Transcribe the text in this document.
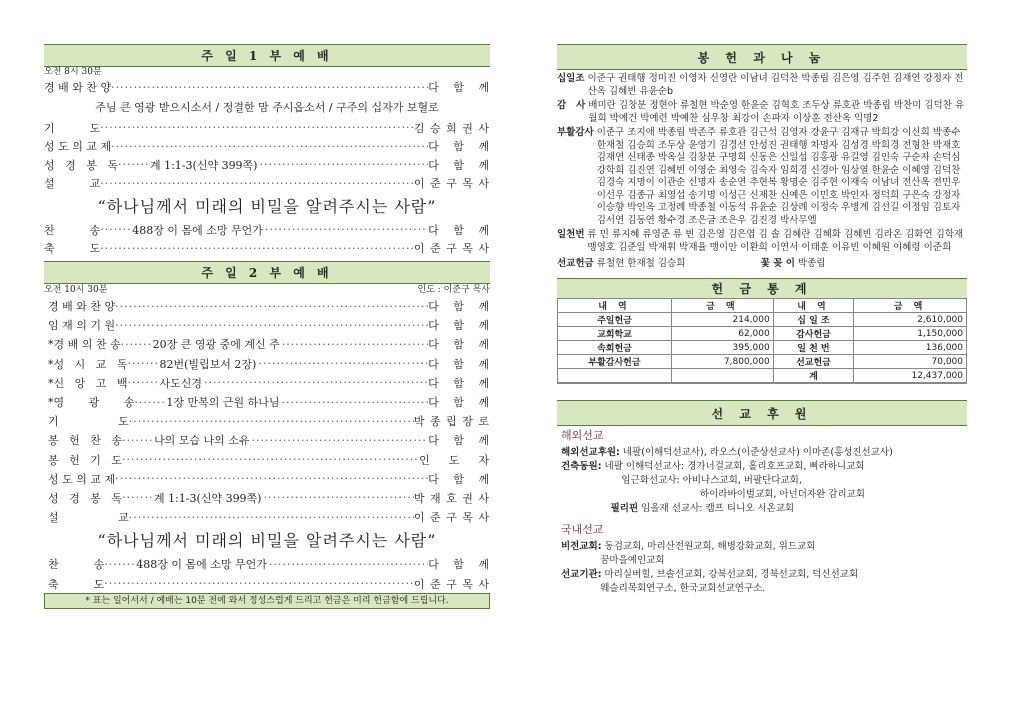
주 일 1 부 예 배
오전 8시 30분
경 배 와 찬 양 ·····	다   함   께
주님 큰 영광 받으시소서 / 정결한 맘 주시옵소서 / 구주의 십자가 보혈로
기          도 ·····	김 승 희 권 사
성 도 의 교 제 ·····	다   함   께
성   경   봉   독 ·····	계 1:1-3(신약 399쪽) ·····	다   함   께
설          교 ·····	이 준 구 목 사
“하나님께서 미래의 비밀을 알려주시는 사람”
찬          송 ·····	488장 이 몸에 소망 무언가 ·····	다   함   께
축          도 ·····	이 준 구 목 사
주 일 2 부 예 배
오전 10시 30분	인도 : 이준구 목사
경 배 와 찬 양 ·····	다   함   께
임 재 의 기 원 ·····	다   함   께
*경 배 의 찬 송 ·····	20장 큰 영광 중에 계신 주 ·····	다   함   께
*성   시   교   독 ·····	82번(빌립보서 2장) ·····	다   함   께
*신   앙   고   백 ·····	사도신경 ·····	다   함   께
*영       광       송 ·····	1장 만복의 근원 하나님 ·····	다   함   께
기                 도 ·····	박 종 립 장 로
봉   헌   찬   송 ·····	나의 모습 나의 소유 ·····	다   함   께
봉   헌   기   도 ·····	인    도    자
성 도 의 교 제 ·····	다   함   께
성   경   봉   독 ·····	계 1:1-3(신약 399쪽) ·····	박 재 호 권 사
설                 교 ·····	이 준 구 목 사
“하나님께서 미래의 비밀을 알려주시는 사람”
찬          송 ·····	488장 이 몸에 소망 무언가 ·····	다   함   께
축          도 ·····	이 준 구 목 사
* 표는 일어서서 / 예배는 10분 전에 와서 정성스럽게 드리고 헌금은 미리 헌금함에 드립니다.
봉 헌 과 나 눔
십일조 이준구 권태행 정미진 이영자 신영란 이남녀 김덕찬 박종립 김은영 김주현 김재연 강정자 전산옥 김혜빈 유윤순b
감   사 배미란 김창분 정현아 류철현 박순영 한윤순 김혁호 조두상 류호관 박종립 박찬미 김덕찬 유월희 박예건 박예련 박예찬 심우창 최강이 손파자 이상훈 전산옥 익명2
부활감사 이준구 조지애 박종립 박존주 류호관 김근석 김영자 강윤구 김재규 박희강 이신희 박종수 한재철 김승희 조두상 윤영기 김경선 안성진 권태행 차명자 김성경 박희경 전형찬 박재호 김재연 신태종 박옥실 김창분 구명희 신동은 신일섭 김홍광 유길영 김인숙 구순자 손덕심 강학희 김진연 김혜빈 이영순 최영숙 김숙자 임희경 신경아 임상열 한윤순 이혜영 김덕찬 김경숙 지명이 이관순 신명자 송순연 추현복 황명순 김주현 이재숙 이남녀 전산옥 전민우 이선우 김종규 최영섭 송기명 이성근 신재찬 신예은 이민호 박인자 정덕희 구은숙 강정자 이승향 박인옥 고정례 박종철 이동석 유윤순 김상례 이정숙 우병계 김선길 이정임 김토자 김서연 김동연 황수경 조은글 조은우 김진경 박사무엘
일천번 류 민 류지혜 류영준 류 빈 김은영 김은엽 김 솔 김혜란 김혜화 김혜빈 김라온 김화연 김학재 맹영호 김준일 박재휘 박재율 맹이안 이환희 이연서 이태훈 이유빈 이혜원 이혜령 이준희
선교헌금 류철현 한재철 김승희	꽃 꽂 이 박종립
헌 금 통 계
내 역	금 액	내 역	금 액
주일헌금	214,000	십 일 조	2,610,000
교회학교	62,000	감사헌금	1,150,000
속회헌금	395,000	일 천 번	136,000
부활감사헌금	7,800,000	선교헌금	70,000
		계	12,437,000
선 교 후 원
해외선교
해외선교후원: 네팔(이해덕선교사), 라오스(이준상선교사) 이마존(홍성진선교사)
건축동원: 네팔 이해덕선교사: 경가너걸교회, 홀리호프교회, 삐라하니교회
임근화선교사: 아비나스교회, 버팔단다교회,
하이라바이벌교회, 아넌더자완 감리교회
필리핀 임올재 선교사: 캠프 티니오 시온교회
국내선교
비전교회: 동검교회, 마리산전원교회, 해병강화교회, 위드교회
꿈마을예인교회
선교기관: 마리실버힐, 브솔선교회, 강북선교회, 경북선교회, 덕신선교회
웨슬리목회연구소, 한국교회선교연구소.
